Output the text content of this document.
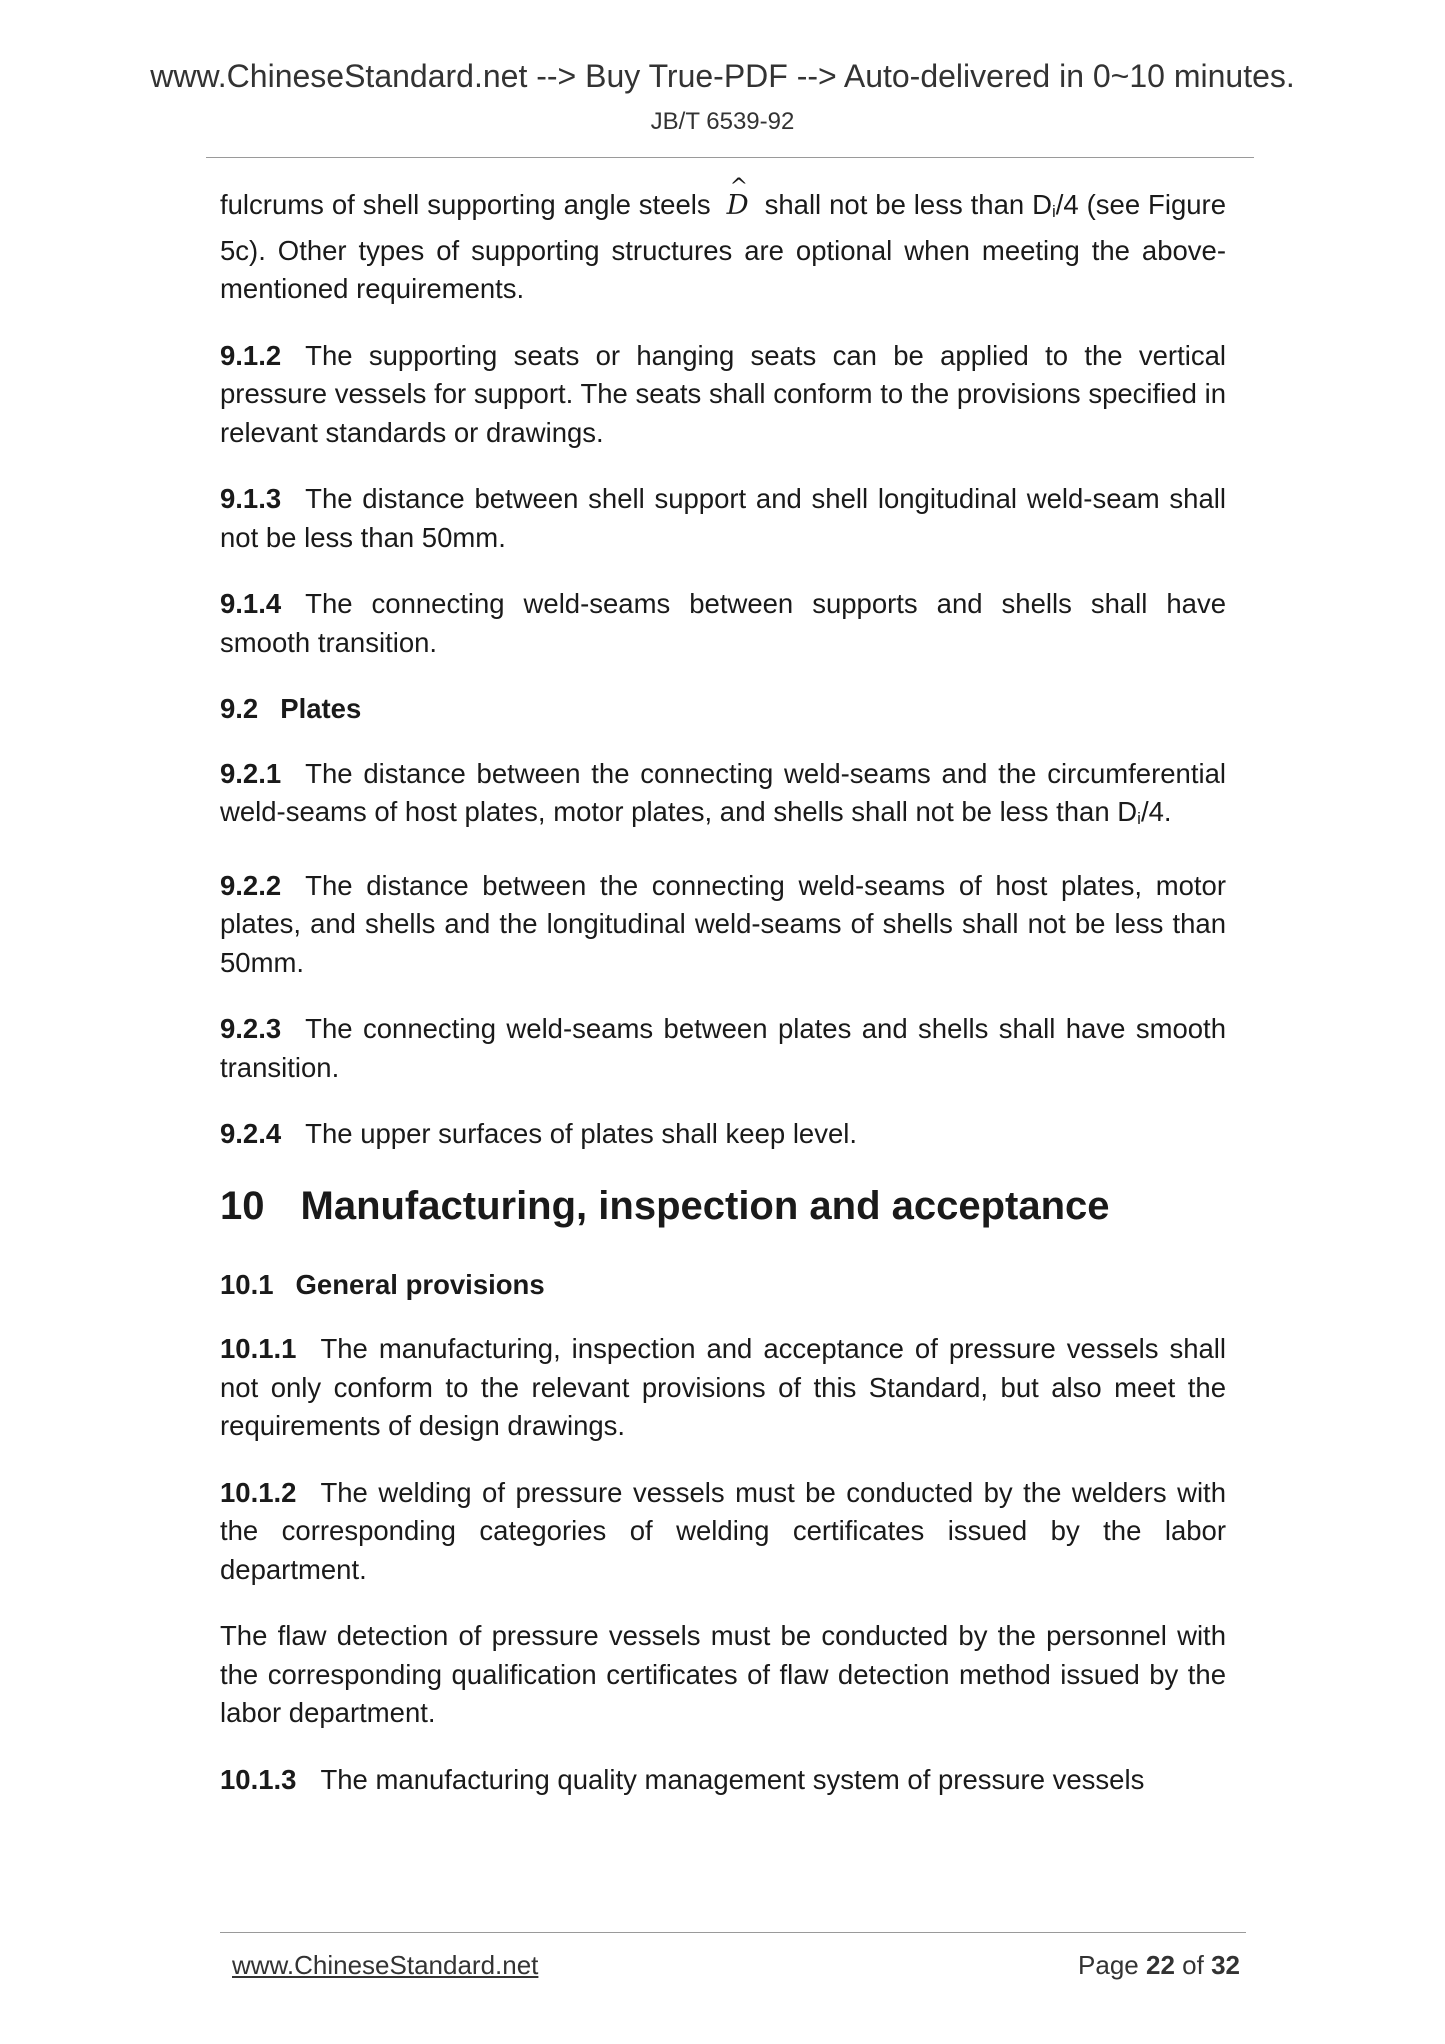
www.ChineseStandard.net --> Buy True-PDF --> Auto-delivered in 0~10 minutes.
JB/T 6539-92

fulcrums of shell supporting angle steels ^ D shall not be less than Di/4 (see Figure 5c). Other types of supporting structures are optional when meeting the above-mentioned requirements.

9.1.2 The supporting seats or hanging seats can be applied to the vertical pressure vessels for support. The seats shall conform to the provisions specified in relevant standards or drawings.

9.1.3 The distance between shell support and shell longitudinal weld-seam shall not be less than 50mm.

9.1.4 The connecting weld-seams between supports and shells shall have smooth transition.

9.2 Plates

9.2.1 The distance between the connecting weld-seams and the circumferential weld-seams of host plates, motor plates, and shells shall not be less than Di/4.

9.2.2 The distance between the connecting weld-seams of host plates, motor plates, and shells and the longitudinal weld-seams of shells shall not be less than 50mm.

9.2.3 The connecting weld-seams between plates and shells shall have smooth transition.

9.2.4 The upper surfaces of plates shall keep level.

10 Manufacturing, inspection and acceptance
10.1 General provisions

10.1.1 The manufacturing, inspection and acceptance of pressure vessels shall not only conform to the relevant provisions of this Standard, but also meet the requirements of design drawings.

10.1.2 The welding of pressure vessels must be conducted by the welders with the corresponding categories of welding certificates issued by the labor department.

The flaw detection of pressure vessels must be conducted by the personnel with the corresponding qualification certificates of flaw detection method issued by the labor department.

10.1.3 The manufacturing quality management system of pressure vessels

www.ChineseStandard.net	Page 22 of 32
